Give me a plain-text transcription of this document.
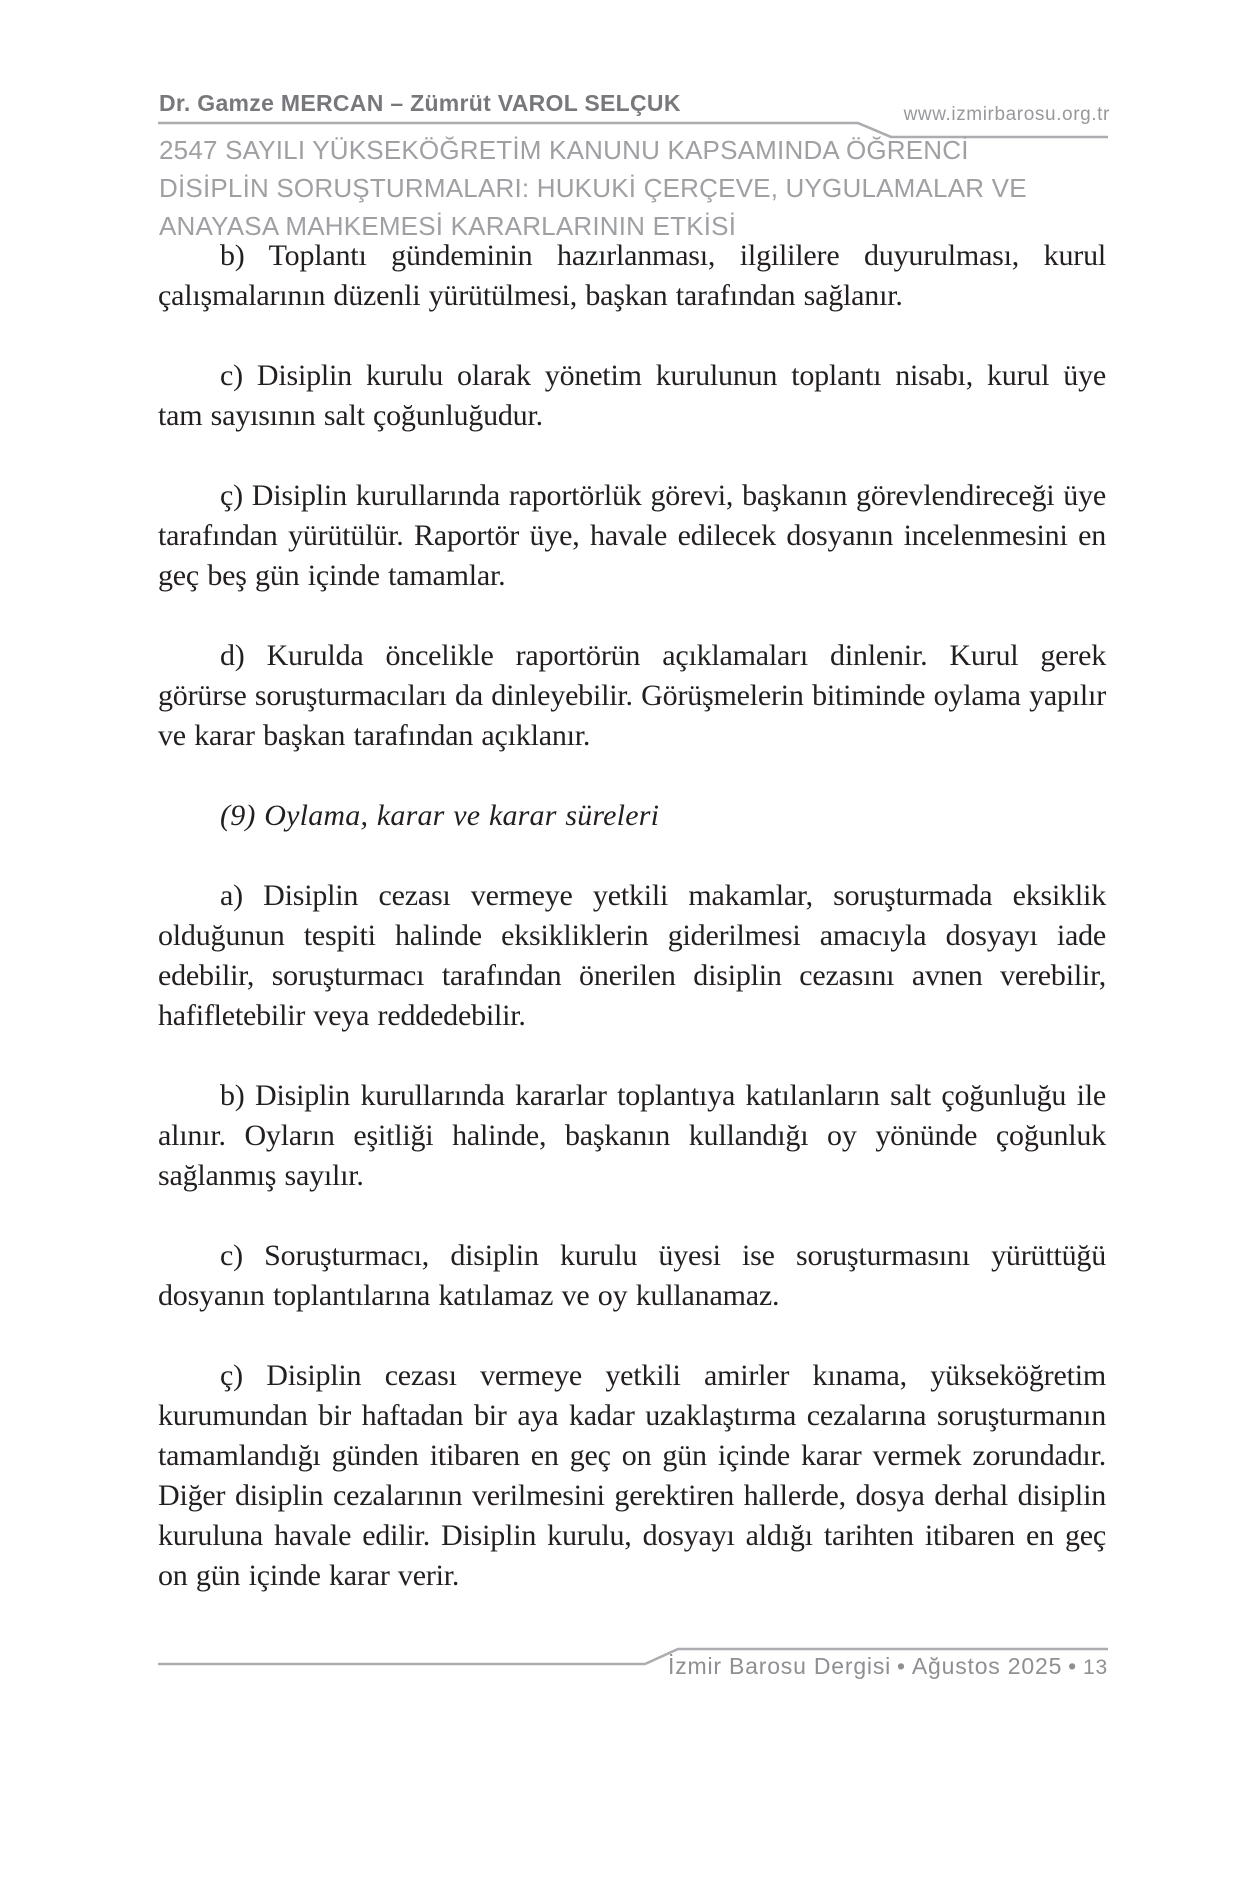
Dr. Gamze MERCAN – Zümrüt VAROL SELÇUK	www.izmirbarosu.org.tr
2547 SAYILI YÜKSEKÖĞRETİM KANUNU KAPSAMINDA ÖĞRENCİ
DİSİPLİN SORUŞTURMALARI: HUKUKİ ÇERÇEVE, UYGULAMALAR VE
ANAYASA MAHKEMESİ KARARLARININ ETKİSİ

b) Toplantı gündeminin hazırlanması, ilgililere duyurulması, kurul çalışmalarının düzenli yürütülmesi, başkan tarafından sağlanır.

c) Disiplin kurulu olarak yönetim kurulunun toplantı nisabı, kurul üye tam sayısının salt çoğunluğudur.

ç) Disiplin kurullarında raportörlük görevi, başkanın görevlendireceği üye tarafından yürütülür. Raportör üye, havale edilecek dosyanın incelenmesini en geç beş gün içinde tamamlar.

d) Kurulda öncelikle raportörün açıklamaları dinlenir. Kurul gerek görürse soruşturmacıları da dinleyebilir. Görüşmelerin bitiminde oylama yapılır ve karar başkan tarafından açıklanır.

(9) Oylama, karar ve karar süreleri

a) Disiplin cezası vermeye yetkili makamlar, soruşturmada eksiklik olduğunun tespiti halinde eksikliklerin giderilmesi amacıyla dosyayı iade edebilir, soruşturmacı tarafından önerilen disiplin cezasını avnen verebilir, hafifletebilir veya reddedebilir.

b) Disiplin kurullarında kararlar toplantıya katılanların salt çoğunluğu ile alınır. Oyların eşitliği halinde, başkanın kullandığı oy yönünde çoğunluk sağlanmış sayılır.

c) Soruşturmacı, disiplin kurulu üyesi ise soruşturmasını yürüttüğü dosyanın toplantılarına katılamaz ve oy kullanamaz.

ç) Disiplin cezası vermeye yetkili amirler kınama, yükseköğretim kurumundan bir haftadan bir aya kadar uzaklaştırma cezalarına soruşturmanın tamamlandığı günden itibaren en geç on gün içinde karar vermek zorundadır. Diğer disiplin cezalarının verilmesini gerektiren hallerde, dosya derhal disiplin kuruluna havale edilir. Disiplin kurulu, dosyayı aldığı tarihten itibaren en geç on gün içinde karar verir.

İzmir Barosu Dergisi • Ağustos 2025 • 13
